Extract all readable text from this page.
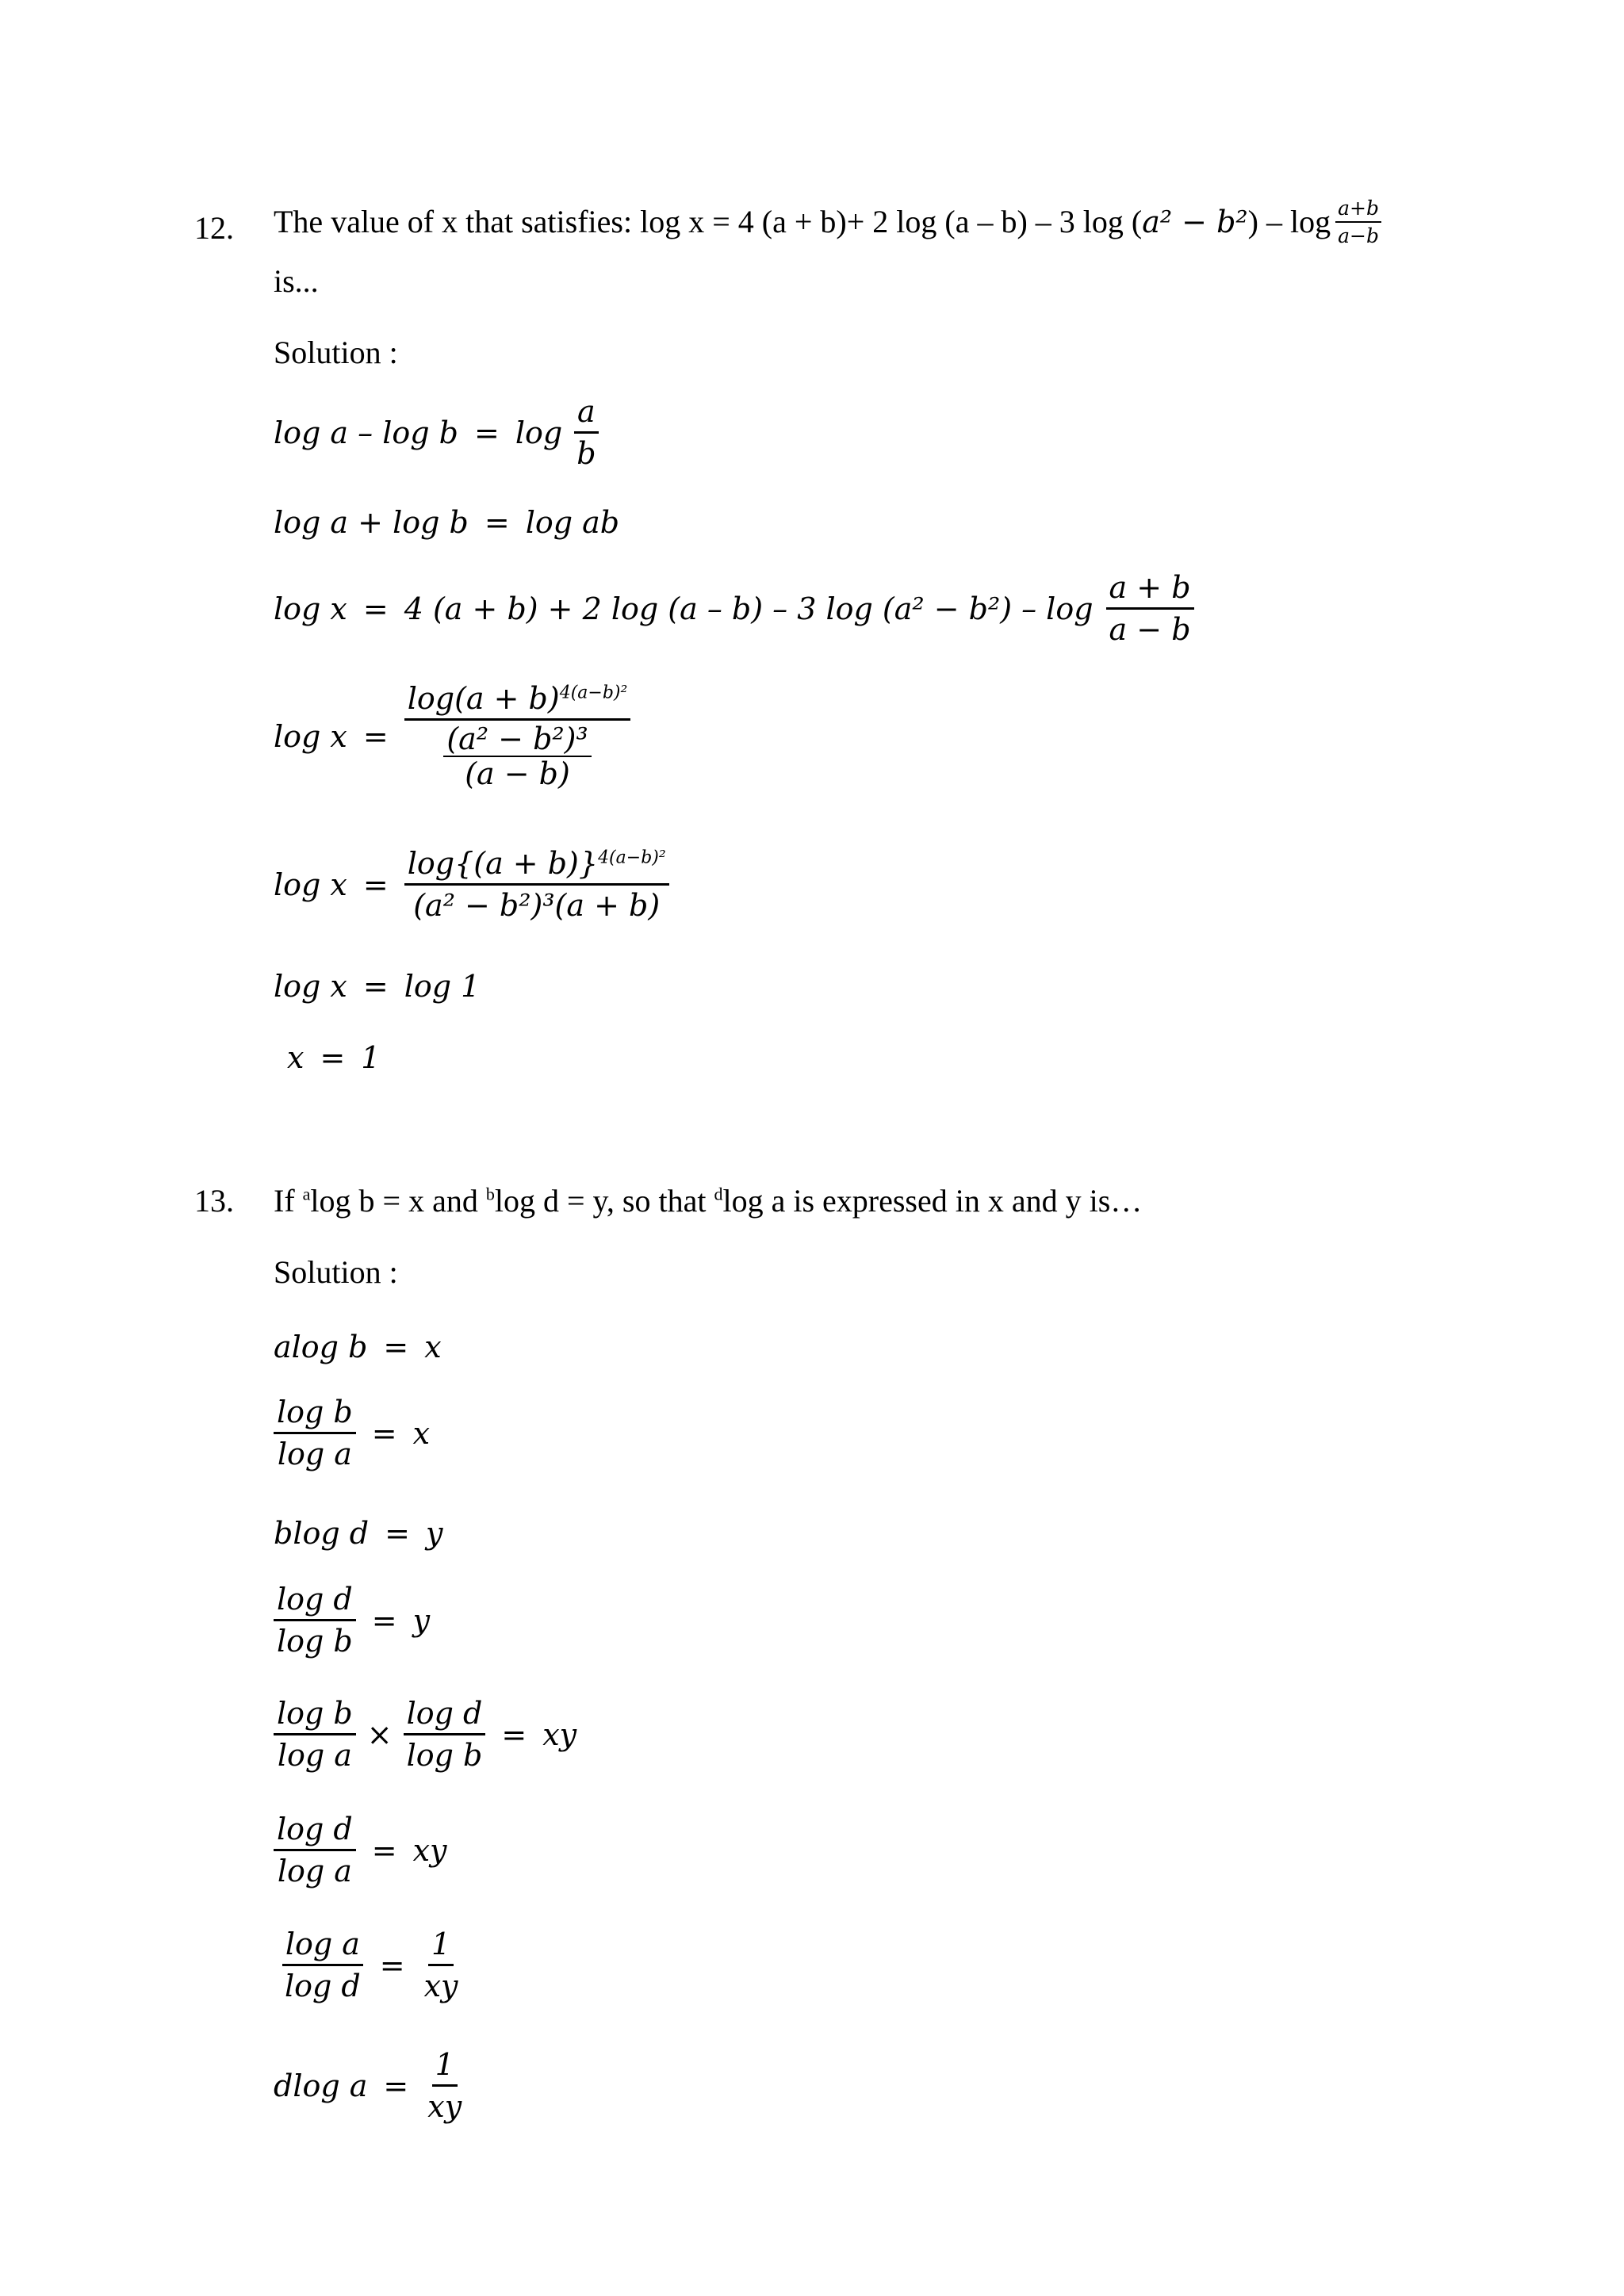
12. The value of x that satisfies: log x = 4 (a + b)+ 2 log (a – b) – 3 log ( a² − b² ) – $\log \frac{a+b}{a-b}$
is...
Solution :
$\log a - \log b = \log \frac{a}{b}$
log a + log b = log ab
log x = 4 (a + b) + 2 log (a – b) – 3 $\log (a^2 - b^2) - \log \frac{a + b}{a - b}$
$\log x = \frac{\log(a + b)^{4(a-b)^2}}{\frac{\text{(a² − b²)³}}{(a - b)}}$
$\log x = \frac{\log\{(a + b)\}^{4(a-b)^2}}{\text{(a² − b²)³(a + b)}}$
log x = log 1
x = 1
13. If $^a$log b = x and $^b$log d = y, so that $^d$log a is expressed in x and y is…
Solution :
alog b = x
$\frac{\text{log b}}{\text{log a}} = x$
blog d = y
$\frac{\text{log d}}{\text{log b}} = y$
$\frac{\text{log b}}{\text{log a}} \times \frac{\text{log d}}{\text{log b}}$ = xy
$\frac{\text{log d}}{\text{log a}}$ = xy
$\frac{\text{log a}}{\text{log d}} = \frac{1}{xy}$
dlog $a = \frac{1}{xy}$
